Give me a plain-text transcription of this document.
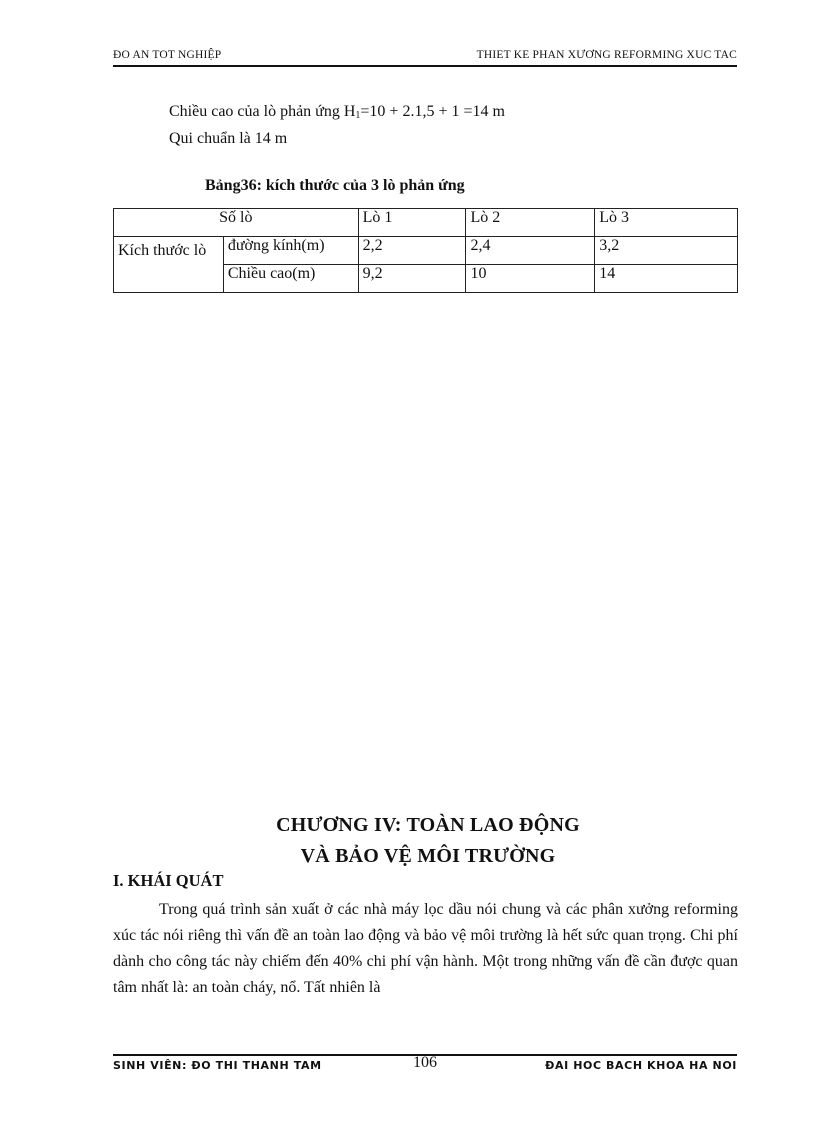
ĐO AN TOT NGHIỆP	THIET KE PHAN XƯƠNG REFORMING XUC TAC
Chiều cao của lò phản ứng $H_1=10 + 2.1,5 + 1 =14$ m
Qui chuẩn là 14 m
Bảng36: kích thước của 3 lò phản ứng
Số lò		Lò 1	Lò 2	Lò 3
Kích thước lò	đường kính(m)	2,2	2,4	3,2
	Chiều cao(m)	9,2	10	14
CHƯƠNG IV: TOÀN LAO ĐỘNG
VÀ BẢO VỆ MÔI TRƯỜNG
I. KHÁI QUÁT

Trong quá trình sản xuất ở các nhà máy lọc dầu nói chung và các phân xưởng reforming xúc tác nói riêng thì vấn đề an toàn lao động và bảo vệ môi trường là hết sức quan trọng. Chi phí dành cho công tác này chiếm đến 40% chi phí vận hành. Một trong những vấn đề cần được quan tâm nhất là: an toàn cháy, nổ. Tất nhiên là

SINH VIÊN: ĐO THI THANH TAM	106	ĐAI HOC BACH KHOA HA NOI
